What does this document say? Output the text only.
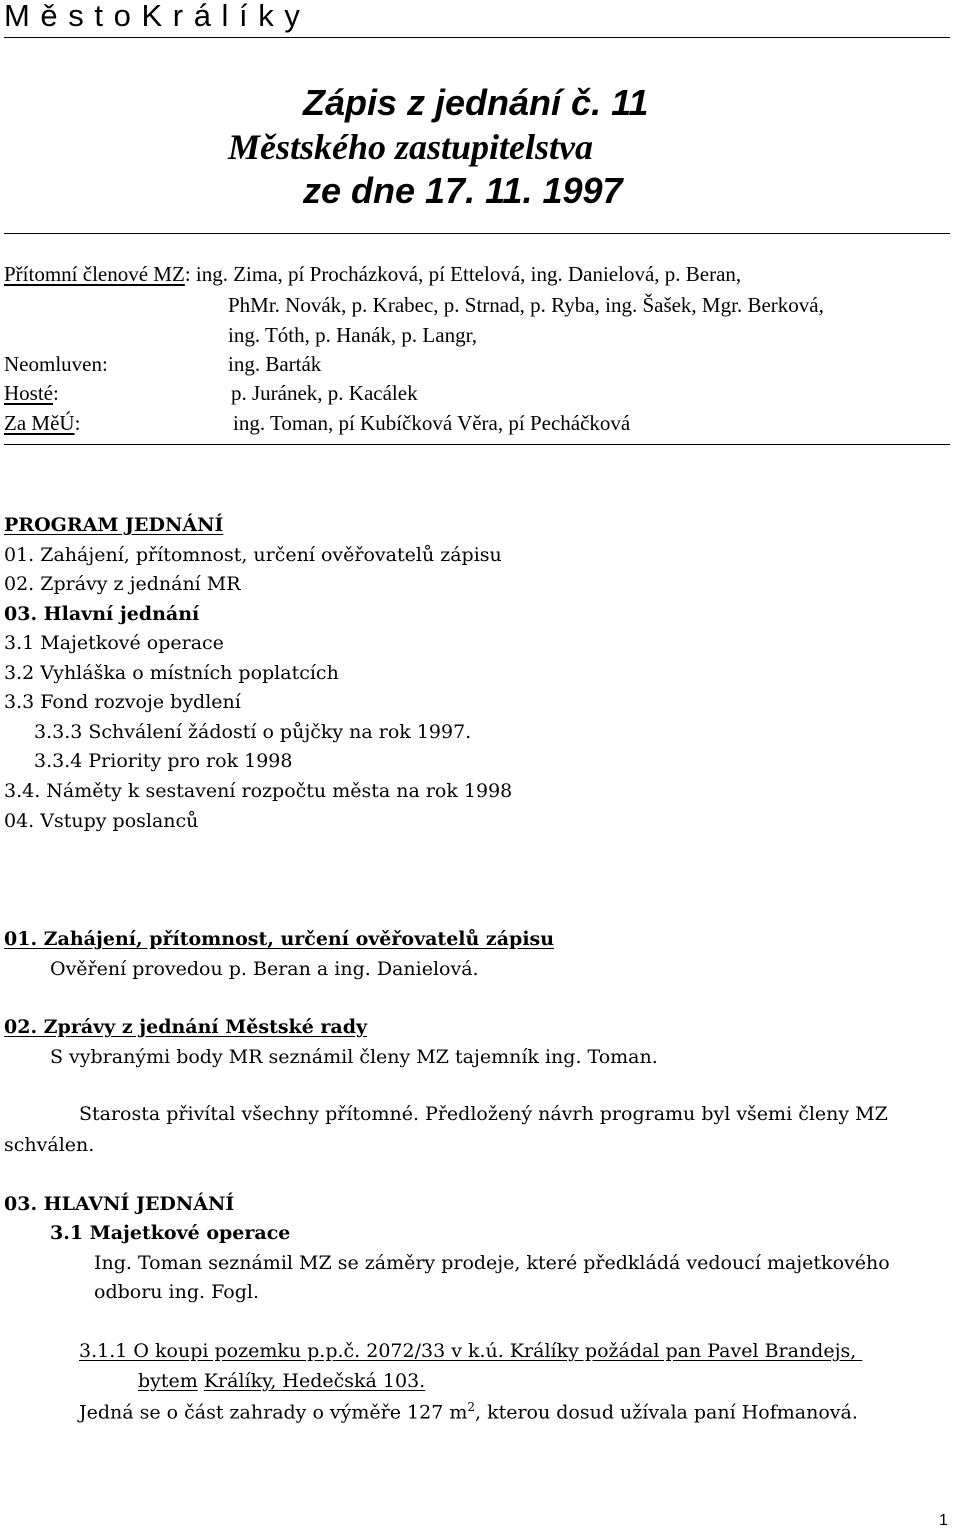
M ě s t o K r á l í k y
Zápis z jednání č. 11
Městského zastupitelstva
ze dne 17. 11. 1997
Přítomní členové MZ: ing. Zima, pí Procházková, pí Ettelová, ing. Danielová, p. Beran,
PhMr. Novák, p. Krabec, p. Strnad, p. Ryba, ing. Šašek, Mgr. Berková,
ing. Tóth, p. Hanák, p. Langr,
Neomluven:	ing. Barták
Hosté:	p. Juránek, p. Kacálek
Za MěÚ:	ing. Toman, pí Kubíčková Věra, pí Pecháčková
PROGRAM JEDNÁNÍ
01. Zahájení, přítomnost, určení ověřovatelů zápisu
02. Zprávy z jednání MR
03. Hlavní jednání
3.1 Majetkové operace
3.2 Vyhláška o místních poplatcích
3.3 Fond rozvoje bydlení
3.3.3 Schválení žádostí o půjčky na rok 1997.
3.3.4 Priority pro rok 1998
3.4. Náměty k sestavení rozpočtu města na rok 1998
04. Vstupy poslanců
01. Zahájení, přítomnost, určení ověřovatelů zápisu
Ověření provedou p. Beran a ing. Danielová.
02. Zprávy z jednání Městské rady
S vybranými body MR seznámil členy MZ tajemník ing. Toman.
Starosta přivítal všechny přítomné. Předložený návrh programu byl všemi členy MZ
schválen.
03. HLAVNÍ JEDNÁNÍ
3.1 Majetkové operace
Ing. Toman seznámil MZ se záměry prodeje, které předkládá vedoucí majetkového
odboru ing. Fogl.
3.1.1 O koupi pozemku p.p.č. 2072/33 v k.ú. Králíky požádal pan Pavel Brandejs,
bytem Králíky, Hedečská 103.
Jedná se o část zahrady o výměře 127 $m^2$, kterou dosud užívala paní Hofmanová.
1
